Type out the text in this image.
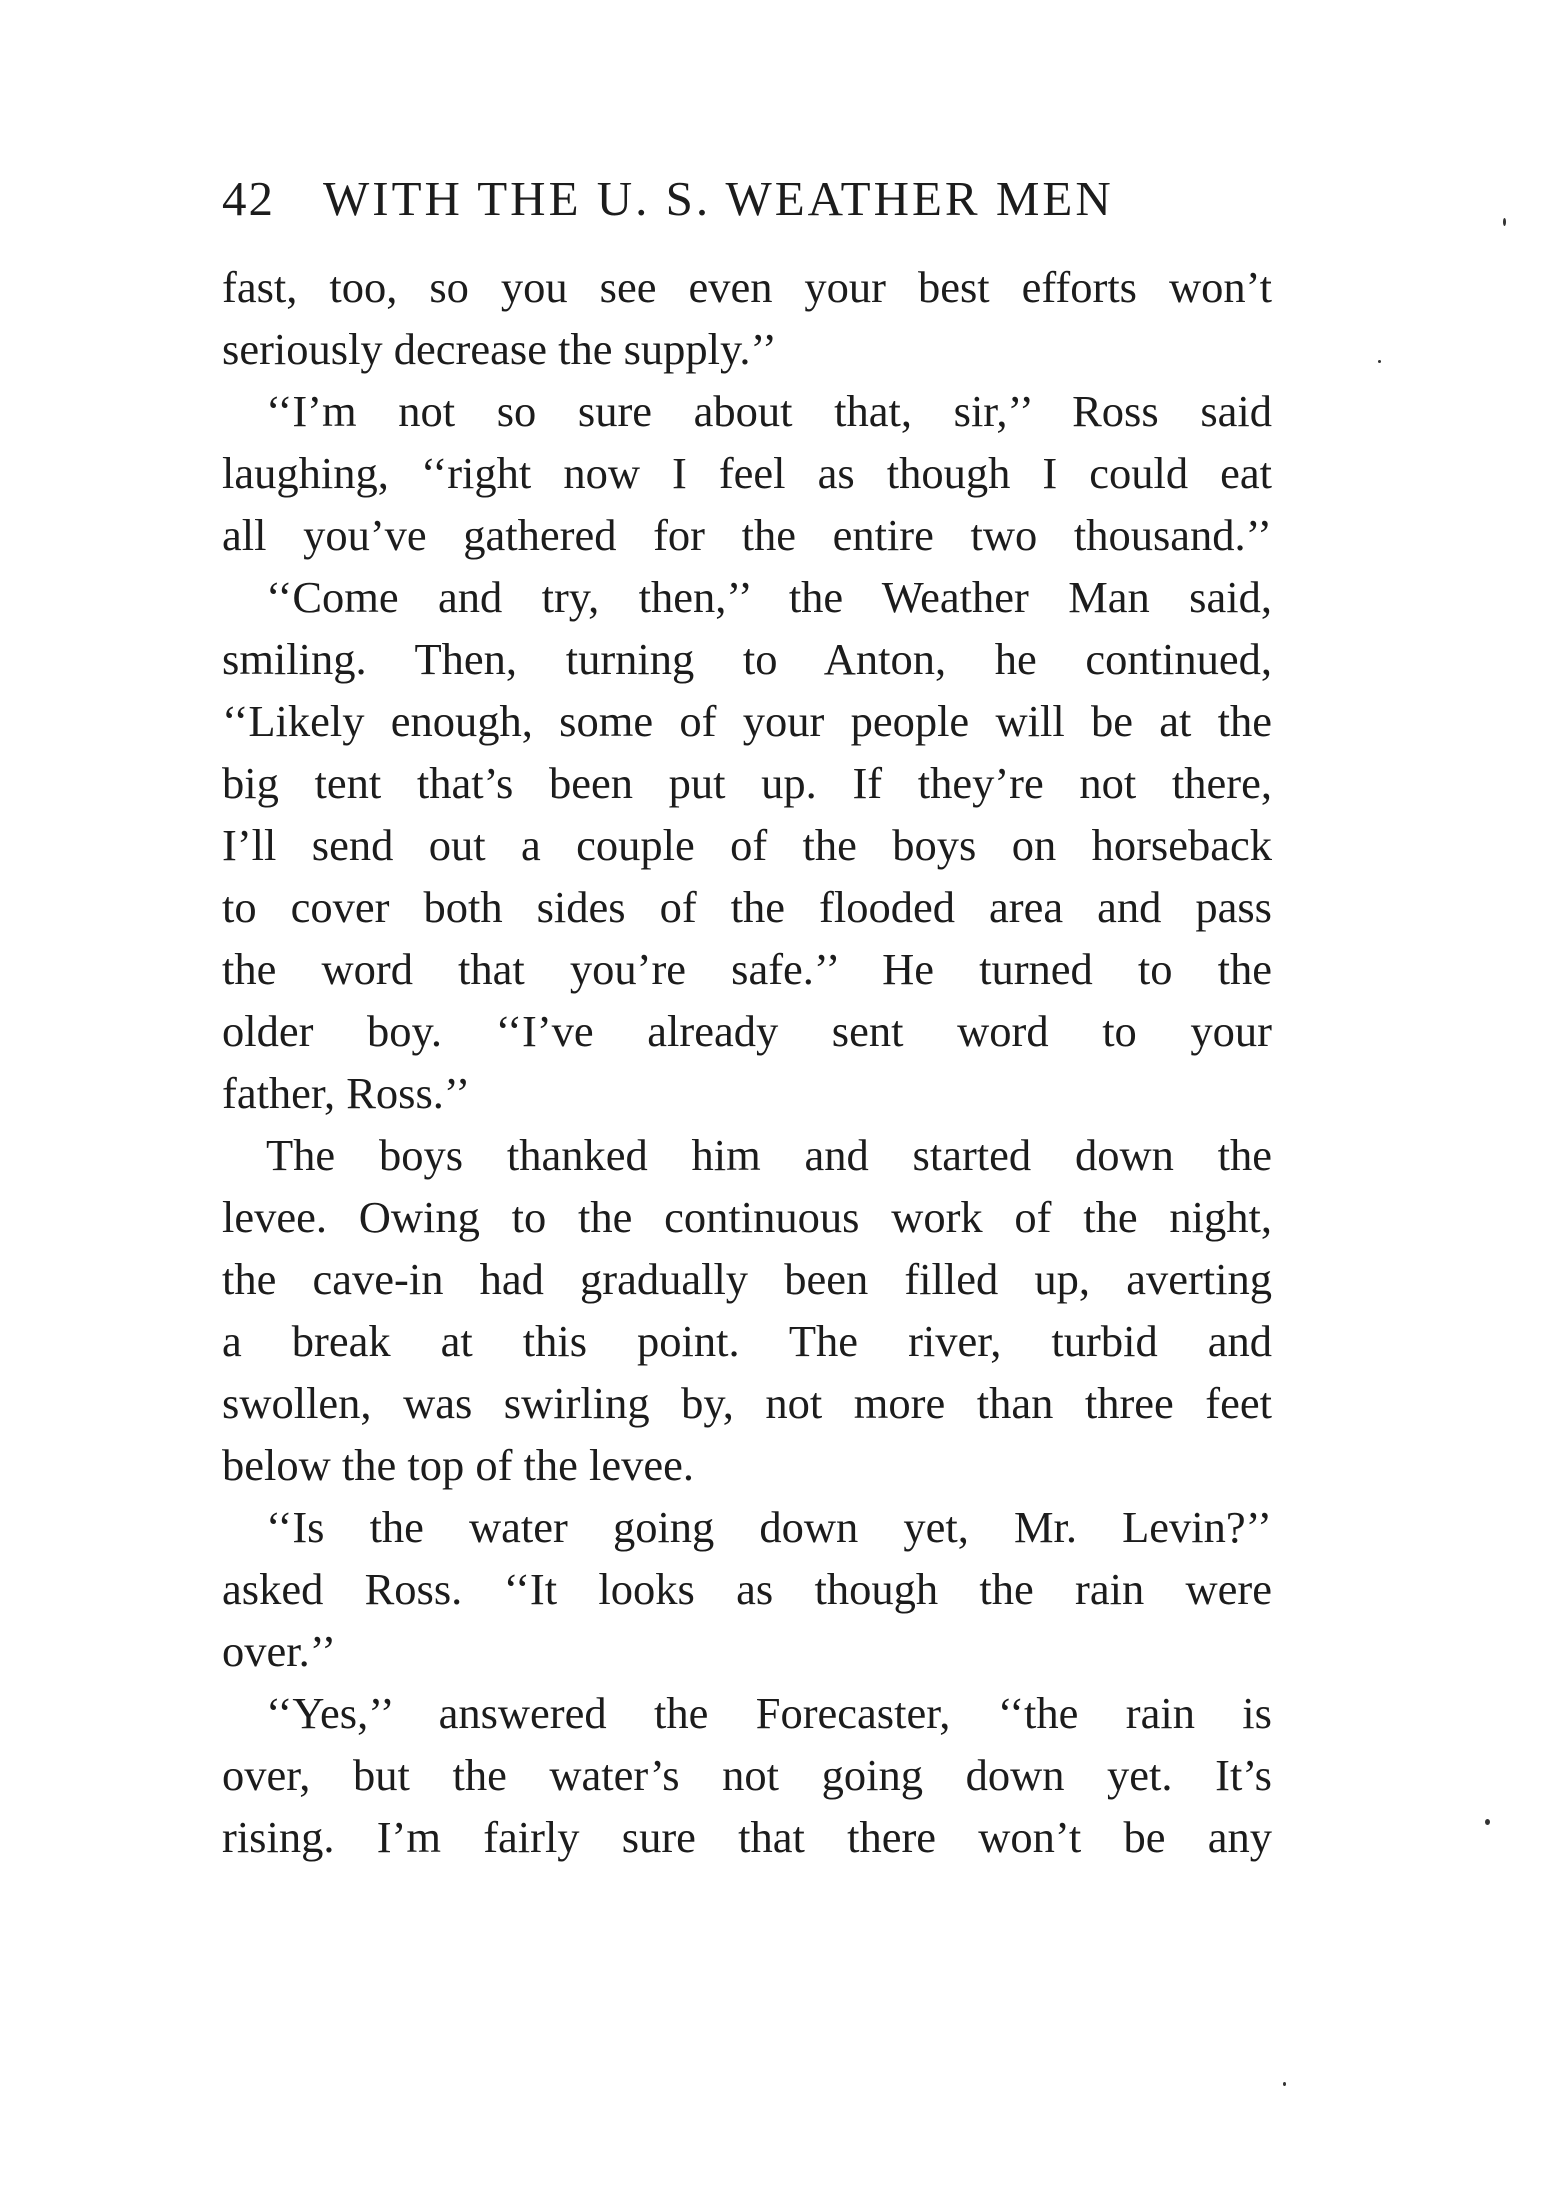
42 WITH THE U. S. WEATHER MEN
fast, too, so you see even your best efforts won’t
seriously decrease the supply.’’
‘‘I’m not so sure about that, sir,’’ Ross said
laughing, ‘‘right now I feel as though I could eat
all you’ve gathered for the entire two thousand.’’
‘‘Come and try, then,’’ the Weather Man said,
smiling. Then, turning to Anton, he continued,
‘‘Likely enough, some of your people will be at the
big tent that’s been put up. If they’re not there,
I’ll send out a couple of the boys on horseback
to cover both sides of the flooded area and pass
the word that you’re safe.’’ He turned to the
older boy. ‘‘I’ve already sent word to your
father, Ross.’’
The boys thanked him and started down the
levee. Owing to the continuous work of the night,
the cave-in had gradually been filled up, averting
a break at this point. The river, turbid and
swollen, was swirling by, not more than three feet
below the top of the levee.
‘‘Is the water going down yet, Mr. Levin?’’
asked Ross. ‘‘It looks as though the rain were
over.’’
‘‘Yes,’’ answered the Forecaster, ‘‘the rain is
over, but the water’s not going down yet. It’s
rising. I’m fairly sure that there won’t be any
